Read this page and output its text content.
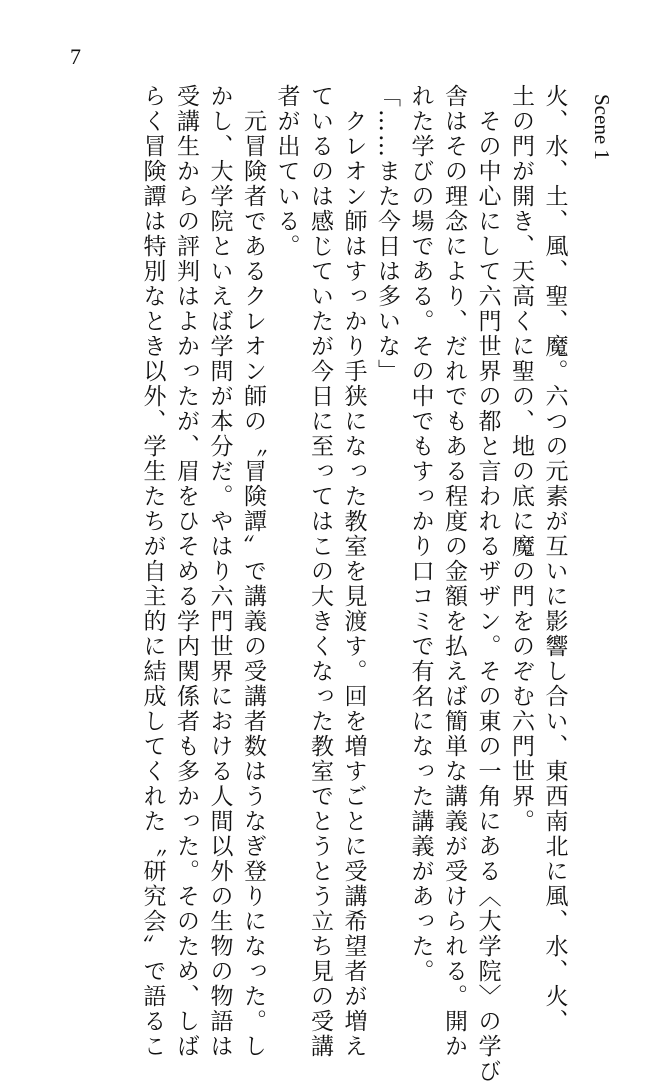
7
Scene 1
火、水、土、風、聖、魔。六つの元素が互いに影響し合い、東西南北に風、水、火、
土の門が開き、天高くに聖の、地の底に魔の門をのぞむ六門世界。
　その中心にして六門世界の都と言われるザザン。その東の一角にある〈大学院〉の学び
舎はその理念により、だれでもある程度の金額を払えば簡単な講義が受けられる。開か
れた学びの場である。その中でもすっかり口コミで有名になった講義があった。
「……また今日は多いな」
　クレオン師はすっかり手狭になった教室を見渡す。回を増すごとに受講希望者が増え
ているのは感じていたが今日に至ってはこの大きくなった教室でとうとう立ち見の受講
者が出ている。
　元冒険者であるクレオン師の〝冒険譚〟で講義の受講者数はうなぎ登りになった。し
かし、大学院といえば学問が本分だ。やはり六門世界における人間以外の生物の物語は
受講生からの評判はよかったが、眉をひそめる学内関係者も多かった。そのため、しば
らく冒険譚は特別なとき以外、学生たちが自主的に結成してくれた〝研究会〟で語るこ
